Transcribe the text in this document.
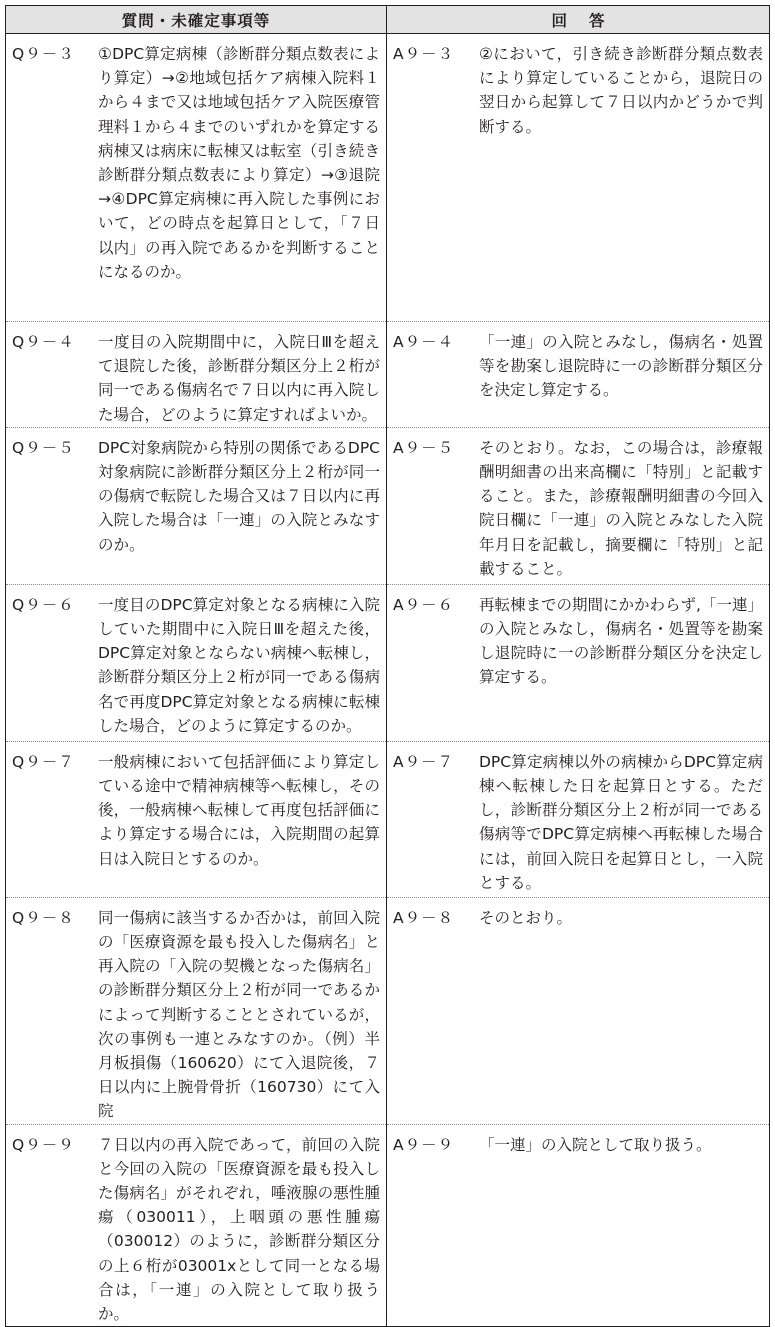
質問・未確定事項等	回答

Q９－３ ①DPC算定病棟（診断群分類点数表により算定）→②地域包括ケア病棟入院料１から４まで又は地域包括ケア入院医療管理料１から４までのいずれかを算定する病棟又は病床に転棟又は転室（引き続き診断群分類点数表により算定）→③退院→④DPC算定病棟に再入院した事例において，どの時点を起算日として，「７日以内」の再入院であるかを判断することになるのか。	A９－３ ②において，引き続き診断群分類点数表により算定していることから，退院日の翌日から起算して７日以内かどうかで判断する。

Q９－４ 一度目の入院期間中に，入院日Ⅲを超えて退院した後，診断群分類区分上２桁が同一である傷病名で７日以内に再入院した場合，どのように算定すればよいか。	A９－４ 「一連」の入院とみなし，傷病名・処置等を勘案し退院時に一の診断群分類区分を決定し算定する。

Q９－５ DPC対象病院から特別の関係であるDPC対象病院に診断群分類区分上２桁が同一の傷病で転院した場合又は７日以内に再入院した場合は「一連」の入院とみなすのか。	A９－５ そのとおり。なお，この場合は，診療報酬明細書の出来高欄に「特別」と記載すること。また，診療報酬明細書の今回入院日欄に「一連」の入院とみなした入院年月日を記載し，摘要欄に「特別」と記載すること。

Q９－６ 一度目のDPC算定対象となる病棟に入院していた期間中に入院日Ⅲを超えた後，DPC算定対象とならない病棟へ転棟し，診断群分類区分上２桁が同一である傷病名で再度DPC算定対象となる病棟に転棟した場合，どのように算定するのか。	A９－６ 再転棟までの期間にかかわらず,「一連」の入院とみなし，傷病名・処置等を勘案し退院時に一の診断群分類区分を決定し算定する。

Q９－７ 一般病棟において包括評価により算定している途中で精神病棟等へ転棟し，その後，一般病棟へ転棟して再度包括評価により算定する場合には，入院期間の起算日は入院日とするのか。	A９－７ DPC算定病棟以外の病棟からDPC算定病棟へ転棟した日を起算日とする。ただし，診断群分類区分上２桁が同一である傷病等でDPC算定病棟へ再転棟した場合には，前回入院日を起算日とし，一入院とする。

Q９－８ 同一傷病に該当するか否かは，前回入院の「医療資源を最も投入した傷病名」と再入院の「入院の契機となった傷病名」の診断群分類区分上２桁が同一であるかによって判断することとされているが，次の事例も一連とみなすのか。（例）半月板損傷（160620）にて入退院後，７日以内に上腕骨骨折（160730）にて入院	A９－８ そのとおり。

Q９－９ ７日以内の再入院であって，前回の入院と今回の入院の「医療資源を最も投入した傷病名」がそれぞれ，唾液腺の悪性腫瘍（030011），上咽頭の悪性腫瘍（030012）のように，診断群分類区分の上６桁が03001xとして同一となる場合は，「一連」の入院として取り扱うか。	A９－９ 「一連」の入院として取り扱う。
